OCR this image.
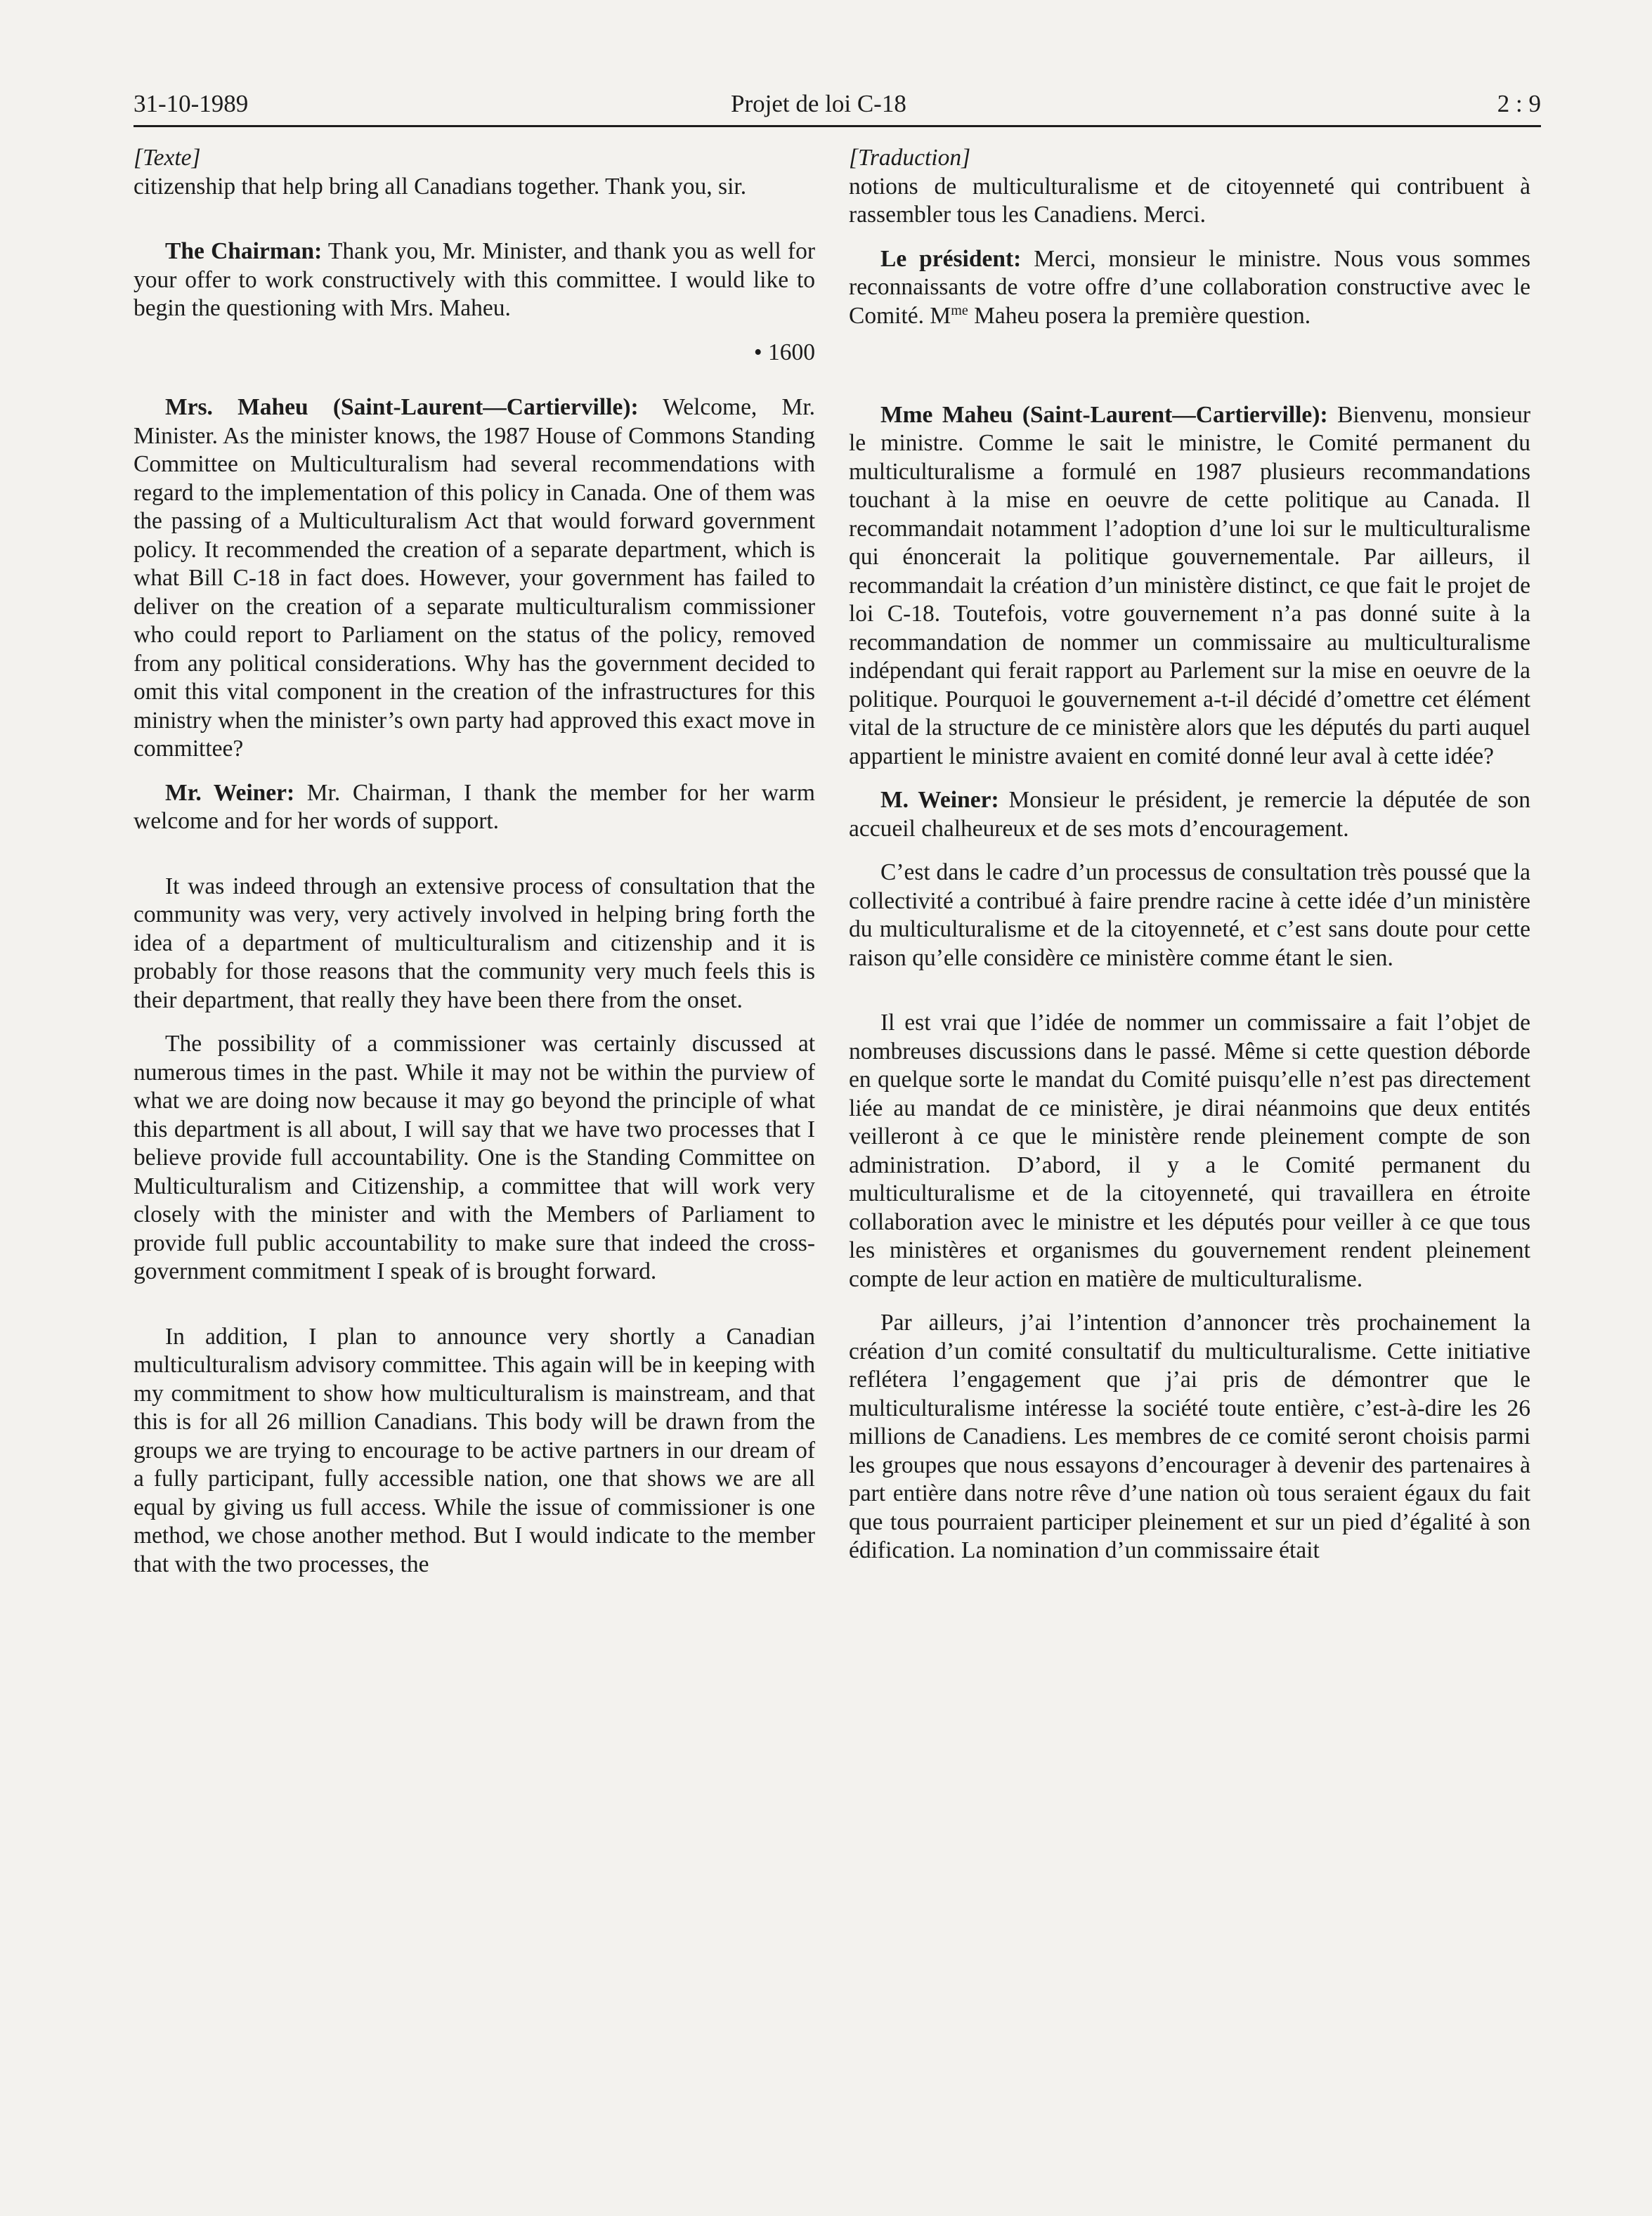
31-10-1989	Projet de loi C-18	2 : 9

[Texte]

citizenship that help bring all Canadians together. Thank you, sir.

The Chairman: Thank you, Mr. Minister, and thank you as well for your offer to work constructively with this committee. I would like to begin the questioning with Mrs. Maheu.

• 1600

Mrs. Maheu (Saint-Laurent—Cartierville): Welcome, Mr. Minister. As the minister knows, the 1987 House of Commons Standing Committee on Multiculturalism had several recommendations with regard to the implementation of this policy in Canada. One of them was the passing of a Multiculturalism Act that would forward government policy. It recommended the creation of a separate department, which is what Bill C-18 in fact does. However, your government has failed to deliver on the creation of a separate multiculturalism commissioner who could report to Parliament on the status of the policy, removed from any political considerations. Why has the government decided to omit this vital component in the creation of the infrastructures for this ministry when the minister’s own party had approved this exact move in committee?

Mr. Weiner: Mr. Chairman, I thank the member for her warm welcome and for her words of support.

It was indeed through an extensive process of consultation that the community was very, very actively involved in helping bring forth the idea of a department of multiculturalism and citizenship and it is probably for those reasons that the community very much feels this is their department, that really they have been there from the onset.

The possibility of a commissioner was certainly discussed at numerous times in the past. While it may not be within the purview of what we are doing now because it may go beyond the principle of what this department is all about, I will say that we have two processes that I believe provide full accountability. One is the Standing Committee on Multiculturalism and Citizenship, a committee that will work very closely with the minister and with the Members of Parliament to provide full public accountability to make sure that indeed the cross-government commitment I speak of is brought forward.

In addition, I plan to announce very shortly a Canadian multiculturalism advisory committee. This again will be in keeping with my commitment to show how multiculturalism is mainstream, and that this is for all 26 million Canadians. This body will be drawn from the groups we are trying to encourage to be active partners in our dream of a fully participant, fully accessible nation, one that shows we are all equal by giving us full access. While the issue of commissioner is one method, we chose another method. But I would indicate to the member that with the two processes, the

[Traduction]

notions de multiculturalisme et de citoyenneté qui contribuent à rassembler tous les Canadiens. Merci.

Le président: Merci, monsieur le ministre. Nous vous sommes reconnaissants de votre offre d’une collaboration constructive avec le Comité. $M^{me}$ Maheu posera la première question.

Mme Maheu (Saint-Laurent—Cartierville): Bienvenu, monsieur le ministre. Comme le sait le ministre, le Comité permanent du multiculturalisme a formulé en 1987 plusieurs recommandations touchant à la mise en oeuvre de cette politique au Canada. Il recommandait notamment l’adoption d’une loi sur le multiculturalisme qui énoncerait la politique gouvernementale. Par ailleurs, il recommandait la création d’un ministère distinct, ce que fait le projet de loi C-18. Toutefois, votre gouvernement n’a pas donné suite à la recommandation de nommer un commissaire au multiculturalisme indépendant qui ferait rapport au Parlement sur la mise en oeuvre de la politique. Pourquoi le gouvernement a-t-il décidé d’omettre cet élément vital de la structure de ce ministère alors que les députés du parti auquel appartient le ministre avaient en comité donné leur aval à cette idée?

M. Weiner: Monsieur le président, je remercie la députée de son accueil chalheureux et de ses mots d’encouragement.

C’est dans le cadre d’un processus de consultation très poussé que la collectivité a contribué à faire prendre racine à cette idée d’un ministère du multiculturalisme et de la citoyenneté, et c’est sans doute pour cette raison qu’elle considère ce ministère comme étant le sien.

Il est vrai que l’idée de nommer un commissaire a fait l’objet de nombreuses discussions dans le passé. Même si cette question déborde en quelque sorte le mandat du Comité puisqu’elle n’est pas directement liée au mandat de ce ministère, je dirai néanmoins que deux entités veilleront à ce que le ministère rende pleinement compte de son administration. D’abord, il y a le Comité permanent du multiculturalisme et de la citoyenneté, qui travaillera en étroite collaboration avec le ministre et les députés pour veiller à ce que tous les ministères et organismes du gouvernement rendent pleinement compte de leur action en matière de multiculturalisme.

Par ailleurs, j’ai l’intention d’annoncer très prochainement la création d’un comité consultatif du multiculturalisme. Cette initiative reflétera l’engagement que j’ai pris de démontrer que le multiculturalisme intéresse la société toute entière, c’est-à-dire les 26 millions de Canadiens. Les membres de ce comité seront choisis parmi les groupes que nous essayons d’encourager à devenir des partenaires à part entière dans notre rêve d’une nation où tous seraient égaux du fait que tous pourraient participer pleinement et sur un pied d’égalité à son édification. La nomination d’un commissaire était
